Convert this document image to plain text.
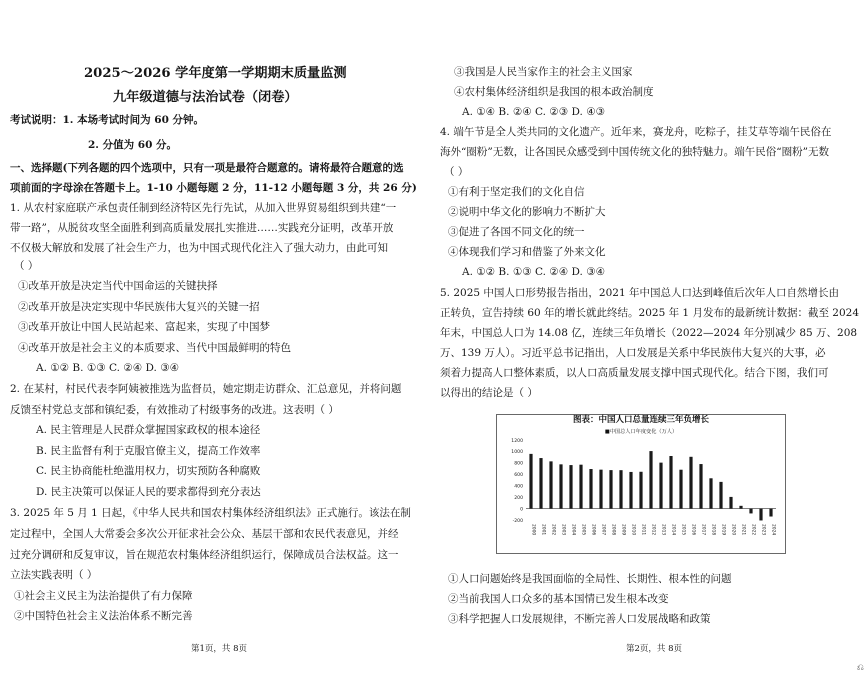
2025～2026 学年度第一学期期末质量监测
九年级道德与法治试卷（闭卷）
考试说明：1. 本场考试时间为 60 分钟。
2. 分值为 60 分。
一、选择题(下列各题的四个选项中，只有一项是最符合题意的。请将最符合题意的选
项前面的字母涂在答题卡上。1-10 小题每题 2 分，11-12 小题每题 3 分，共 26 分)
1. 从农村家庭联产承包责任制到经济特区先行先试，从加入世界贸易组织到共建“一
带一路”，从脱贫攻坚全面胜利到高质量发展扎实推进……实践充分证明，改革开放
不仅极大解放和发展了社会生产力，也为中国式现代化注入了强大动力，由此可知
（ ）
①改革开放是决定当代中国命运的关键抉择
②改革开放是决定实现中华民族伟大复兴的关键一招
③改革开放让中国人民站起来、富起来，实现了中国梦
④改革开放是社会主义的本质要求、当代中国最鲜明的特色
A. ①② B. ①③ C. ②④ D. ③④
2. 在某村，村民代表李阿姨被推选为监督员，她定期走访群众、汇总意见，并将问题
反馈至村党总支部和镇纪委，有效推动了村级事务的改进。这表明（ ）
A. 民主管理是人民群众掌握国家政权的根本途径
B. 民主监督有利于克服官僚主义，提高工作效率
C. 民主协商能杜绝滥用权力，切实预防各种腐败
D. 民主决策可以保证人民的要求都得到充分表达
3. 2025 年 5 月 1 日起，《中华人民共和国农村集体经济组织法》正式施行。该法在制
定过程中，全国人大常委会多次公开征求社会公众、基层干部和农民代表意见，并经
过充分调研和反复审议，旨在规范农村集体经济组织运行，保障成员合法权益。这一
立法实践表明（ ）
①社会主义民主为法治提供了有力保障
②中国特色社会主义法治体系不断完善
第1页，共 8页
③我国是人民当家作主的社会主义国家
④农村集体经济组织是我国的根本政治制度
A. ①④ B. ②④ C. ②③ D. ④③
4. 端午节是全人类共同的文化遗产。近年来，赛龙舟，吃粽子，挂艾草等端午民俗在
海外“圈粉”无数，让各国民众感受到中国传统文化的独特魅力。端午民俗“圈粉”无数
（ ）
①有利于坚定我们的文化自信
②说明中华文化的影响力不断扩大
③促进了各国不同文化的统一
④体现我们学习和借鉴了外来文化
A. ①② B. ①③ C. ②④ D. ③④
5. 2025 中国人口形势报告指出，2021 年中国总人口达到峰值后次年人口自然增长由
正转负，宣告持续 60 年的增长就此终结。2025 年 1 月发布的最新统计数据：截至 2024
年末，中国总人口为 14.08 亿，连续三年负增长（2022—2024 年分别减少 85 万、208
万、139 万人）。习近平总书记指出，人口发展是关系中华民族伟大复兴的大事，必
须着力提高人口整体素质，以人口高质量发展支撑中国式现代化。结合下图，我们可
以得出的结论是（ ）
图表：中国人口总量连续三年负增长
■中国总人口年度变化（万人）
1200
1000
800
600
400
200
0
-200
2000 2001 2002 2003 2004 2005 2006 2007 2008 2009 2010 2011 2012 2013 2014 2015 2016 2017 2018 2019 2020 2021 2022 2023 2024
①人口问题始终是我国面临的全局性、长期性、根本性的问题
②当前我国人口众多的基本国情已发生根本改变
③科学把握人口发展规律，不断完善人口发展战略和政策
第2页，共 8页
⎌
